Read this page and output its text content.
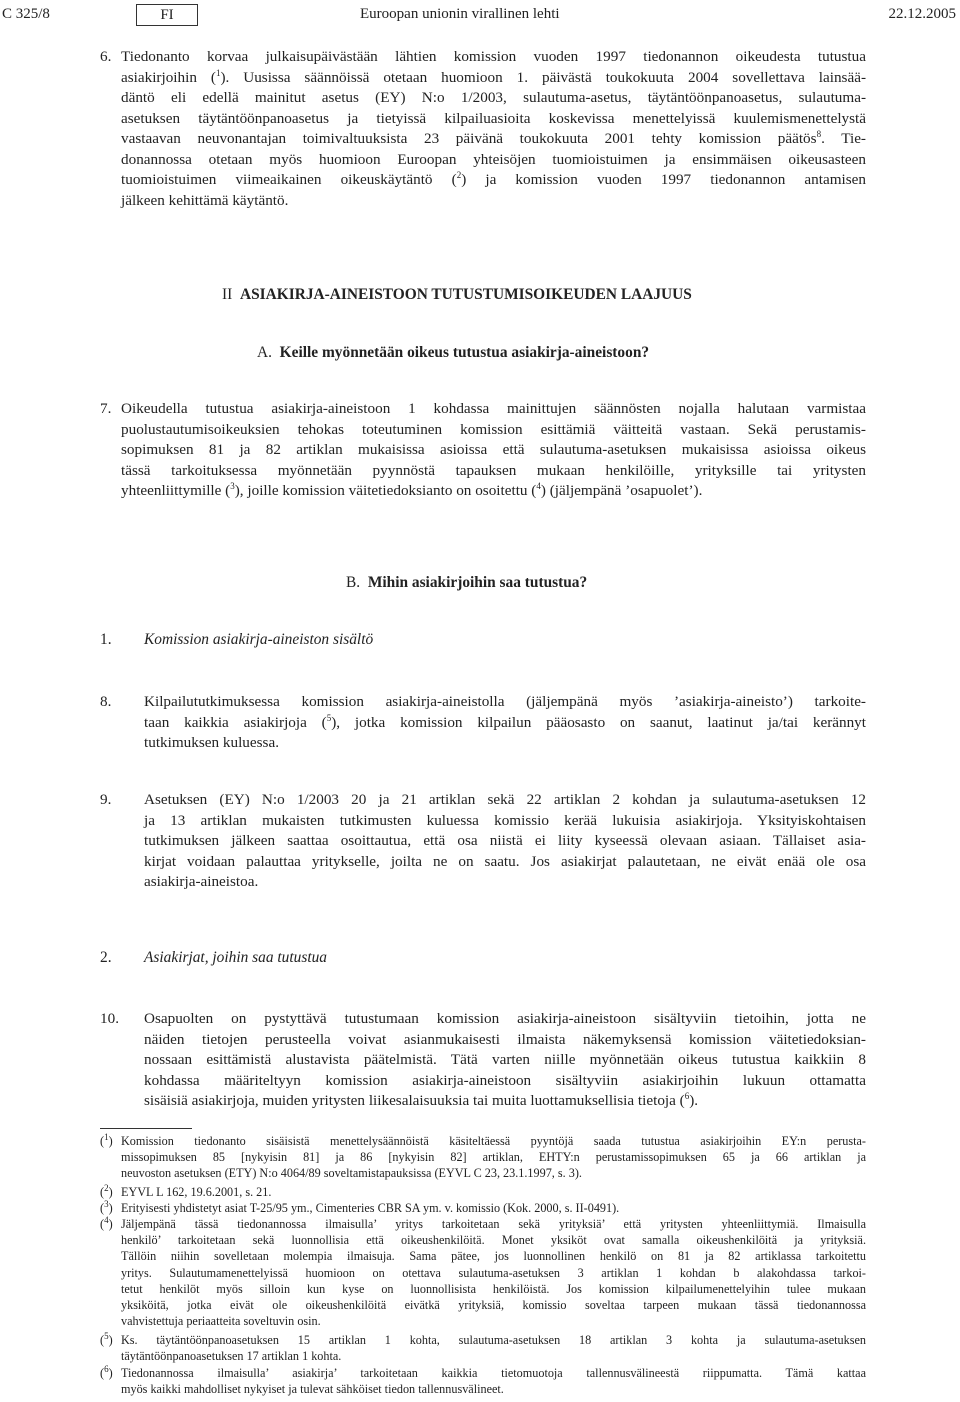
C 325/8	FI	Euroopan unionin virallinen lehti	22.12.2005
6. Tiedonanto korvaa julkaisupäivästään lähtien komission vuoden 1997 tiedonannon oikeudesta tutustua
asiakirjoihin ($^1$). Uusissa säännöissä otetaan huomioon 1. päivästä toukokuuta 2004 sovellettava lainsää-
däntö eli edellä mainitut asetus (EY) N:o 1/2003, sulautuma-asetus, täytäntöönpanoasetus, sulautuma-
asetuksen täytäntöönpanoasetus ja tietyissä kilpailuasioita koskevissa menettelyissä kuulemismenettelystä
vastaavan neuvonantajan toimivaltuuksista 23 päivänä toukokuuta 2001 tehty komission päätös$^8$. Tie-
donannossa otetaan myös huomioon Euroopan yhteisöjen tuomioistuimen ja ensimmäisen oikeusasteen
tuomioistuimen viimeaikainen oikeuskäytäntö ($^2$) ja komission vuoden 1997 tiedonannon antamisen
jälkeen kehittämä käytäntö.
II ASIAKIRJA-AINEISTOON TUTUSTUMISOIKEUDEN LAAJUUS
A. Keille myönnetään oikeus tutustua asiakirja-aineistoon?
7. Oikeudella tutustua asiakirja-aineistoon 1 kohdassa mainittujen säännösten nojalla halutaan varmistaa
puolustautumisoikeuksien tehokas toteutuminen komission esittämiä väitteitä vastaan. Sekä perustamis-
sopimuksen 81 ja 82 artiklan mukaisissa asioissa että sulautuma-asetuksen mukaisissa asioissa oikeus
tässä tarkoituksessa myönnetään pyynnöstä tapauksen mukaan henkilöille, yrityksille tai yritysten
yhteenliittymille ($^3$), joille komission väitetiedoksianto on osoitettu ($^4$) (jäljempänä ’osapuolet’).
B. Mihin asiakirjoihin saa tutustua?
1. Komission asiakirja-aineiston sisältö
8. Kilpailututkimuksessa komission asiakirja-aineistolla (jäljempänä myös ’asiakirja-aineisto’) tarkoite-
taan kaikkia asiakirjoja ($^5$), jotka komission kilpailun pääosasto on saanut, laatinut ja/tai kerännyt
tutkimuksen kuluessa.
9. Asetuksen (EY) N:o 1/2003 20 ja 21 artiklan sekä 22 artiklan 2 kohdan ja sulautuma-asetuksen 12
ja 13 artiklan mukaisten tutkimusten kuluessa komissio kerää lukuisia asiakirjoja. Yksityiskohtaisen
tutkimuksen jälkeen saattaa osoittautua, että osa niistä ei liity kyseessä olevaan asiaan. Tällaiset asia-
kirjat voidaan palauttaa yritykselle, joilta ne on saatu. Jos asiakirjat palautetaan, ne eivät enää ole osa
asiakirja-aineistoa.
2. Asiakirjat, joihin saa tutustua
10. Osapuolten on pystyttävä tutustumaan komission asiakirja-aineistoon sisältyviin tietoihin, jotta ne
näiden tietojen perusteella voivat asianmukaisesti ilmaista näkemyksensä komission väitetiedoksian-
nossaan esittämistä alustavista päätelmistä. Tätä varten niille myönnetään oikeus tutustua kaikkiin 8
kohdassa määriteltyyn komission asiakirja-aineistoon sisältyviin asiakirjoihin lukuun ottamatta
sisäisiä asiakirjoja, muiden yritysten liikesalaisuuksia tai muita luottamuksellisia tietoja ($^6$).
($^1$) Komission tiedonanto sisäisistä menettelysäännöistä käsiteltäessä pyyntöjä saada tutustua asiakirjoihin EY:n perusta-
missopimuksen 85 [nykyisin 81] ja 86 [nykyisin 82] artiklan, EHTY:n perustamissopimuksen 65 ja 66 artiklan ja
neuvoston asetuksen (ETY) N:o 4064/89 soveltamistapauksissa (EYVL C 23, 23.1.1997, s. 3).
($^2$) EYVL L 162, 19.6.2001, s. 21.
($^3$) Erityisesti yhdistetyt asiat T-25/95 ym., Cimenteries CBR SA ym. v. komissio (Kok. 2000, s. II-0491).
($^4$) Jäljempänä tässä tiedonannossa ilmaisulla’ yritys tarkoitetaan sekä yrityksiä’ että yritysten yhteenliittymiä. Ilmaisulla
henkilö’ tarkoitetaan sekä luonnollisia että oikeushenkilöitä. Monet yksiköt ovat samalla oikeushenkilöitä ja yrityksiä.
Tällöin niihin sovelletaan molempia ilmaisuja. Sama pätee, jos luonnollinen henkilö on 81 ja 82 artiklassa tarkoitettu
yritys. Sulautumamenettelyissä huomioon on otettava sulautuma-asetuksen 3 artiklan 1 kohdan b alakohdassa tarkoi-
tetut henkilöt myös silloin kun kyse on luonnollisista henkilöistä. Jos komission kilpailumenettelyihin tulee mukaan
yksiköitä, jotka eivät ole oikeushenkilöitä eivätkä yrityksiä, komissio soveltaa tarpeen mukaan tässä tiedonannossa
vahvistettuja periaatteita soveltuvin osin.
($^5$) Ks. täytäntöönpanoasetuksen 15 artiklan 1 kohta, sulautuma-asetuksen 18 artiklan 3 kohta ja sulautuma-asetuksen
täytäntöönpanoasetuksen 17 artiklan 1 kohta.
($^6$) Tiedonannossa ilmaisulla’ asiakirja’ tarkoitetaan kaikkia tietomuotoja tallennusvälineestä riippumatta. Tämä kattaa
myös kaikki mahdolliset nykyiset ja tulevat sähköiset tiedon tallennusvälineet.
